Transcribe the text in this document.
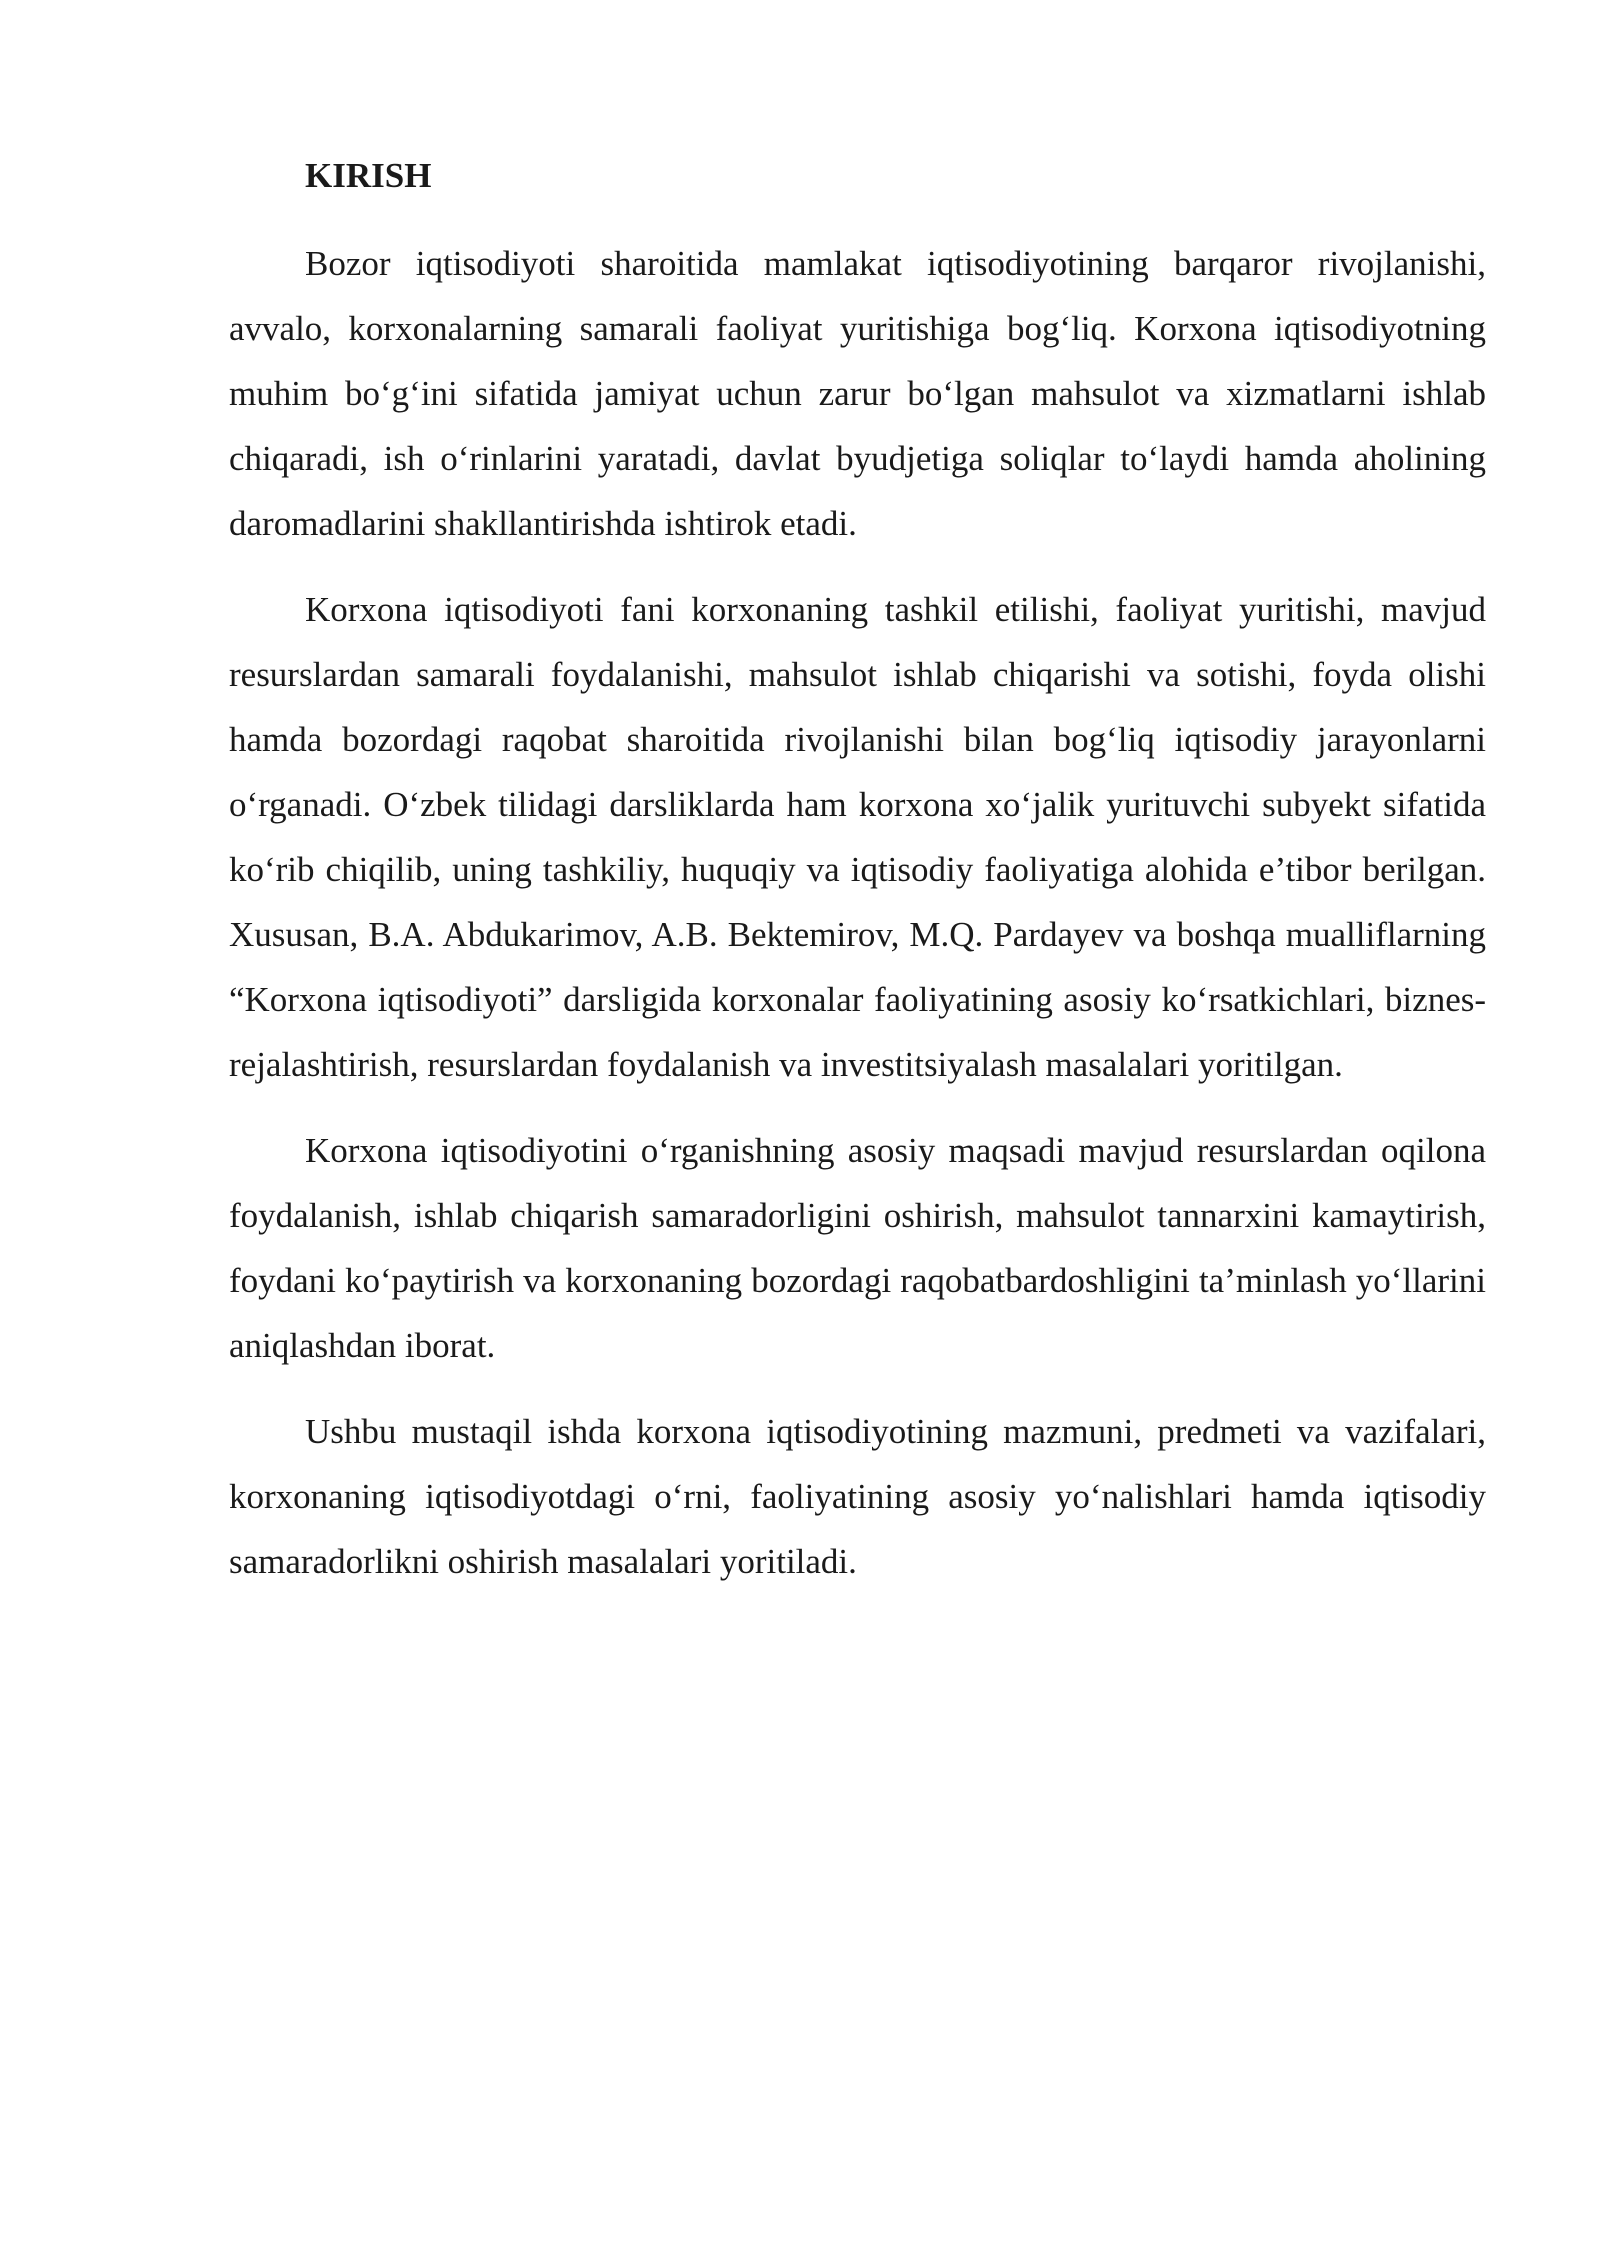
KIRISH

Bozor iqtisodiyoti sharoitida mamlakat iqtisodiyotining barqaror rivojlanishi, avvalo, korxonalarning samarali faoliyat yuritishiga bog‘liq. Korxona iqtisodiyotning muhim bo‘g‘ini sifatida jamiyat uchun zarur bo‘lgan mahsulot va xizmatlarni ishlab chiqaradi, ish o‘rinlarini yaratadi, davlat byudjetiga soliqlar to‘laydi hamda aholining daromadlarini shakllantirishda ishtirok etadi.

Korxona iqtisodiyoti fani korxonaning tashkil etilishi, faoliyat yuritishi, mavjud resurslardan samarali foydalanishi, mahsulot ishlab chiqarishi va sotishi, foyda olishi hamda bozordagi raqobat sharoitida rivojlanishi bilan bog‘liq iqtisodiy jarayonlarni o‘rganadi. O‘zbek tilidagi darsliklarda ham korxona xo‘jalik yurituvchi subyekt sifatida ko‘rib chiqilib, uning tashkiliy, huquqiy va iqtisodiy faoliyatiga alohida e’tibor berilgan. Xususan, B.A. Abdukarimov, A.B. Bektemirov, M.Q. Pardayev va boshqa mualliflarning “Korxona iqtisodiyoti” darsligida korxonalar faoliyatining asosiy ko‘rsatkichlari, biznes-rejalashtirish, resurslardan foydalanish va investitsiyalash masalalari yoritilgan.

Korxona iqtisodiyotini o‘rganishning asosiy maqsadi mavjud resurslardan oqilona foydalanish, ishlab chiqarish samaradorligini oshirish, mahsulot tannarxini kamaytirish, foydani ko‘paytirish va korxonaning bozordagi raqobatbardoshligini ta’minlash yo‘llarini aniqlashdan iborat.

Ushbu mustaqil ishda korxona iqtisodiyotining mazmuni, predmeti va vazifalari, korxonaning iqtisodiyotdagi o‘rni, faoliyatining asosiy yo‘nalishlari hamda iqtisodiy samaradorlikni oshirish masalalari yoritiladi.
